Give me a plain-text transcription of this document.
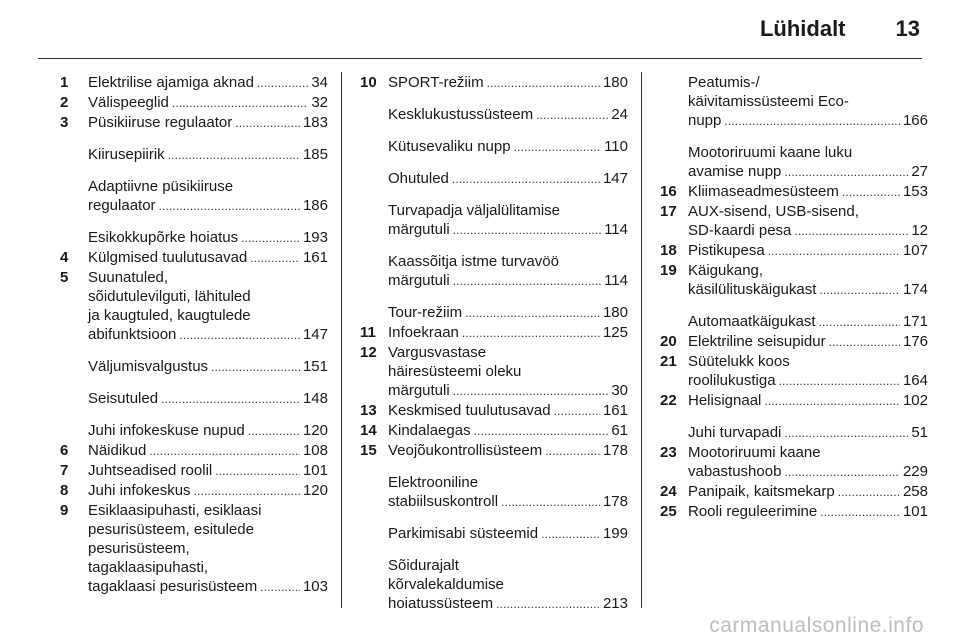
Lühidalt 13
1 Elektrilise ajamiga aknad . . .	34
2 Välispeeglid . . .	32
3 Püsikiiruse regulaator . . .	183
Kiirusepiirik . . .	185
Adaptiivne püsikiiruse
regulaator . . .	186
Esikokkupõrke hoiatus . . .	193
4 Külgmised tuulutusavad . . .	161
5 Suunatuled,
sõidutulevilguti, lähituled
ja kaugtuled, kaugtulede
abifunktsioon . . .	147
Väljumisvalgustus . . .	151
Seisutuled . . .	148
Juhi infokeskuse nupud . . .	120
6 Näidikud . . .	108
7 Juhtseadised roolil . . .	101
8 Juhi infokeskus . . .	120
9 Esiklaasipuhasti, esiklaasi
pesurisüsteem, esitulede
pesurisüsteem,
tagaklaasipuhasti,
tagaklaasi pesurisüsteem . . .	103
10 SPORT-režiim . . .	180
Kesklukustussüsteem . . .	24
Kütusevaliku nupp . . .	110
Ohutuled . . .	147
Turvapadja väljalülitamise
märgutuli . . .	114
Kaassõitja istme turvavöö
märgutuli . . .	114
Tour-režiim . . .	180
11 Infoekraan . . .	125
12 Vargusvastase
häiresüsteemi oleku
märgutuli . . .	30
13 Keskmised tuulutusavad . . .	161
14 Kindalaegas . . .	61
15 Veojõukontrollisüsteem . . .	178
Elektrooniline
stabiilsuskontroll . . .	178
Parkimisabi süsteemid . . .	199
Sõidurajalt
kõrvalekaldumise
hoiatussüsteem . . .	213
Peatumis-/
käivitamissüsteemi Eco-
nupp . . .	166
Mootoriruumi kaane luku
avamise nupp . . .	27
16 Kliimaseadmesüsteem . . .	153
17 AUX-sisend, USB-sisend,
SD-kaardi pesa . . .	12
18 Pistikupesa . . .	107
19 Käigukang,
käsilülituskäigukast . . .	174
Automaatkäigukast . . .	171
20 Elektriline seisupidur . . .	176
21 Süütelukk koos
roolilukustiga . . .	164
22 Helisignaal . . .	102
Juhi turvapadi . . .	51
23 Mootoriruumi kaane
vabastushoob . . .	229
24 Panipaik, kaitsmekarp . . .	258
25 Rooli reguleerimine . . .	101
carmanualsonline.info
